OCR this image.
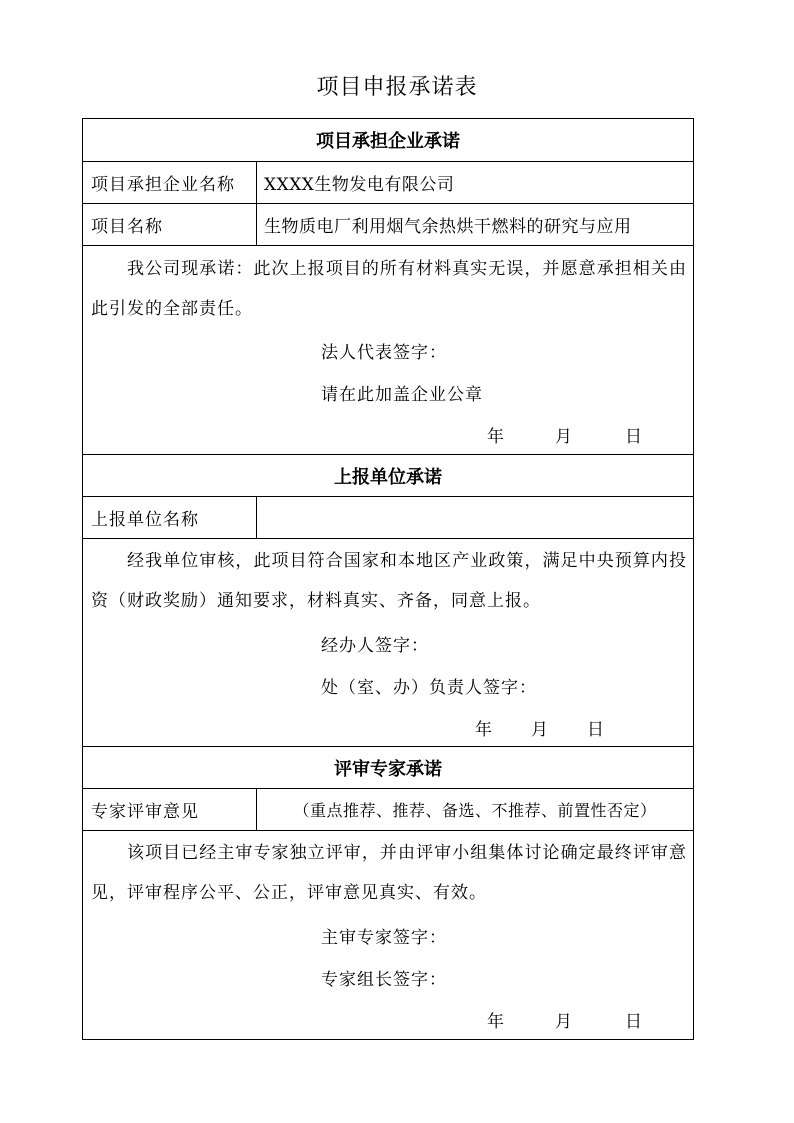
项目申报承诺表
项目承担企业承诺
项目承担企业名称	XXXX生物发电有限公司
项目名称	生物质电厂利用烟气余热烘干燃料的研究与应用

我公司现承诺：此次上报项目的所有材料真实无误，并愿意承担相关由此引发的全部责任。

法人代表签字：
请在此加盖企业公章
年	月	日
上报单位承诺
上报单位名称

经我单位审核，此项目符合国家和本地区产业政策，满足中央预算内投资（财政奖励）通知要求，材料真实、齐备，同意上报。

经办人签字：
处（室、办）负责人签字：
年 月 日
评审专家承诺
专家评审意见	（重点推荐、推荐、备选、不推荐、前置性否定）

该项目已经主审专家独立评审，并由评审小组集体讨论确定最终评审意见，评审程序公平、公正，评审意见真实、有效。

主审专家签字：
专家组长签字：
年	月	日
